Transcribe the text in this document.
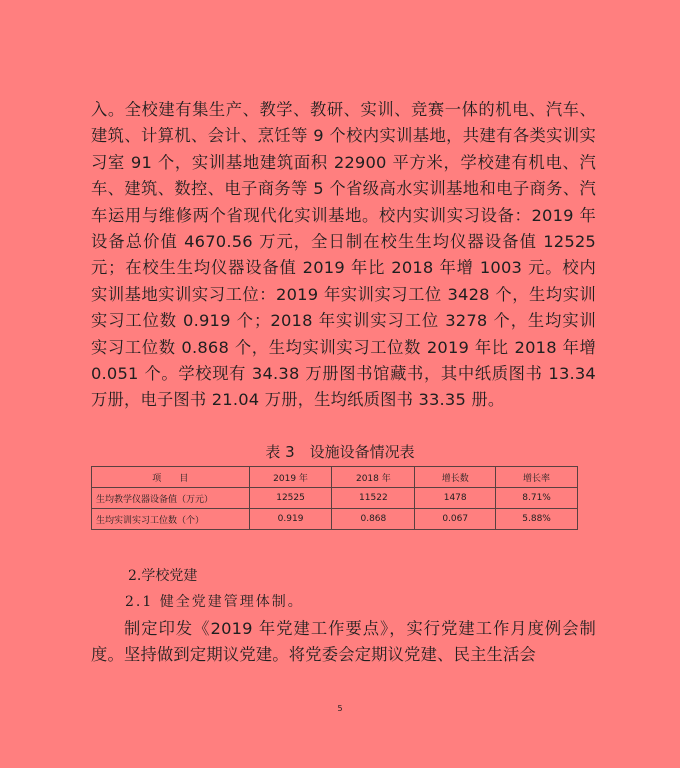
入。全校建有集生产、教学、教研、实训、竞赛一体的机电、汽车、建筑、计算机、会计、烹饪等 9 个校内实训基地，共建有各类实训实习室 91 个，实训基地建筑面积 22900 平方米，学校建有机电、汽车、建筑、数控、电子商务等 5 个省级高水实训基地和电子商务、汽车运用与维修两个省现代化实训基地。校内实训实习设备：2019 年设备总价值 4670.56 万元，全日制在校生生均仪器设备值 12525 元；在校生生均仪器设备值 2019 年比 2018 年增 1003 元。校内实训基地实训实习工位：2019 年实训实习工位 3428 个，生均实训实习工位数 0.919 个；2018 年实训实习工位 3278 个，生均实训实习工位数 0.868 个，生均实训实习工位数 2019 年比 2018 年增 0.051 个。学校现有 34.38 万册图书馆藏书，其中纸质图书 13.34 万册，电子图书 21.04 万册，生均纸质图书 33.35 册。

表 3　设施设备情况表
项　　目	2019 年	2018 年	增长数	增长率
生均教学仪器设备值（万元）	12525	11522	1478	8.71%
生均实训实习工位数（个）	0.919	0.868	0.067	5.88%
2.学校党建
2.1 健全党建管理体制。

制定印发《2019 年党建工作要点》，实行党建工作月度例会制度。坚持做到定期议党建。将党委会定期议党建、民主生活会

5
